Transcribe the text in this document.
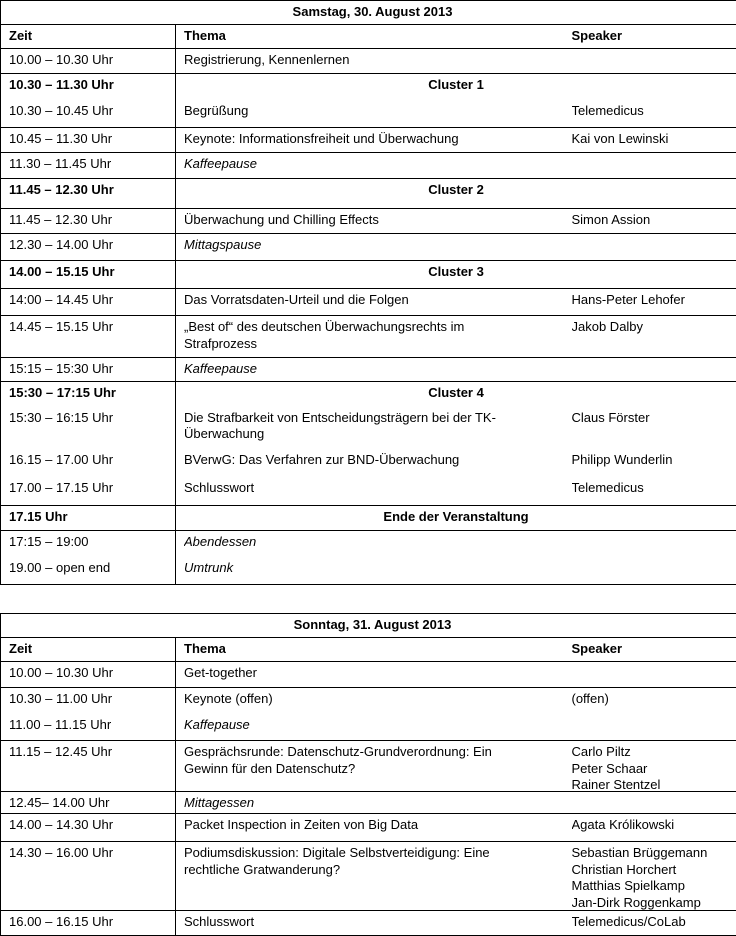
Samstag, 30. August 2013		
Zeit	Thema	Speaker
10.00 – 10.30 Uhr	Registrierung, Kennenlernen	

10.30 – 11.30 Uhr	Cluster 1	
10.30 – 10.45 Uhr	Begrüßung	Telemedicus

10.45 – 11.30 Uhr	Keynote: Informationsfreiheit und Überwachung	Kai von Lewinski

11.30 – 11.45 Uhr	Kaffeepause	

11.45 – 12.30 Uhr	Cluster 2	
11.45 – 12.30 Uhr	Überwachung und Chilling Effects	Simon Assion

12.30 – 14.00 Uhr	Mittagspause	

14.00 – 15.15 Uhr	Cluster 3	
14:00 – 14.45 Uhr	Das Vorratsdaten-Urteil und die Folgen	Hans-Peter Lehofer

14.45 – 15.15 Uhr	„Best of“ des deutschen Überwachungsrechts im
Strafprozess	Jakob Dalby

15:15 – 15:30 Uhr	Kaffeepause	

15:30 – 17:15 Uhr	Cluster 4	
15:30 – 16:15 Uhr	Die Strafbarkeit von Entscheidungsträgern bei der TK-
Überwachung	Claus Förster

16.15 – 17.00 Uhr	BVerwG: Das Verfahren zur BND-Überwachung	Philipp Wunderlin

17.00 – 17.15 Uhr	Schlusswort	Telemedicus

17.15 Uhr	Ende der Veranstaltung	
17:15 – 19:00	Abendessen	

19.00 – open end	Umtrunk	

Sonntag, 31. August 2013		
Zeit	Thema	Speaker
10.00 – 10.30 Uhr	Get-together	

10.30 – 11.00 Uhr	Keynote (offen)	(offen)

11.00 – 11.15 Uhr	Kaffepause	

11.15 – 12.45 Uhr	Gesprächsrunde: Datenschutz-Grundverordnung: Ein
Gewinn für den Datenschutz?	Carlo Piltz
Peter Schaar
Rainer Stentzel

12.45– 14.00 Uhr	Mittagessen	

14.00 – 14.30 Uhr	Packet Inspection in Zeiten von Big Data	Agata Królikowski

14.30 – 16.00 Uhr	Podiumsdiskussion: Digitale Selbstverteidigung: Eine
rechtliche Gratwanderung?	Sebastian Brüggemann
Christian Horchert
Matthias Spielkamp
Jan-Dirk Roggenkamp

16.00 – 16.15 Uhr	Schlusswort	Telemedicus/CoLab
